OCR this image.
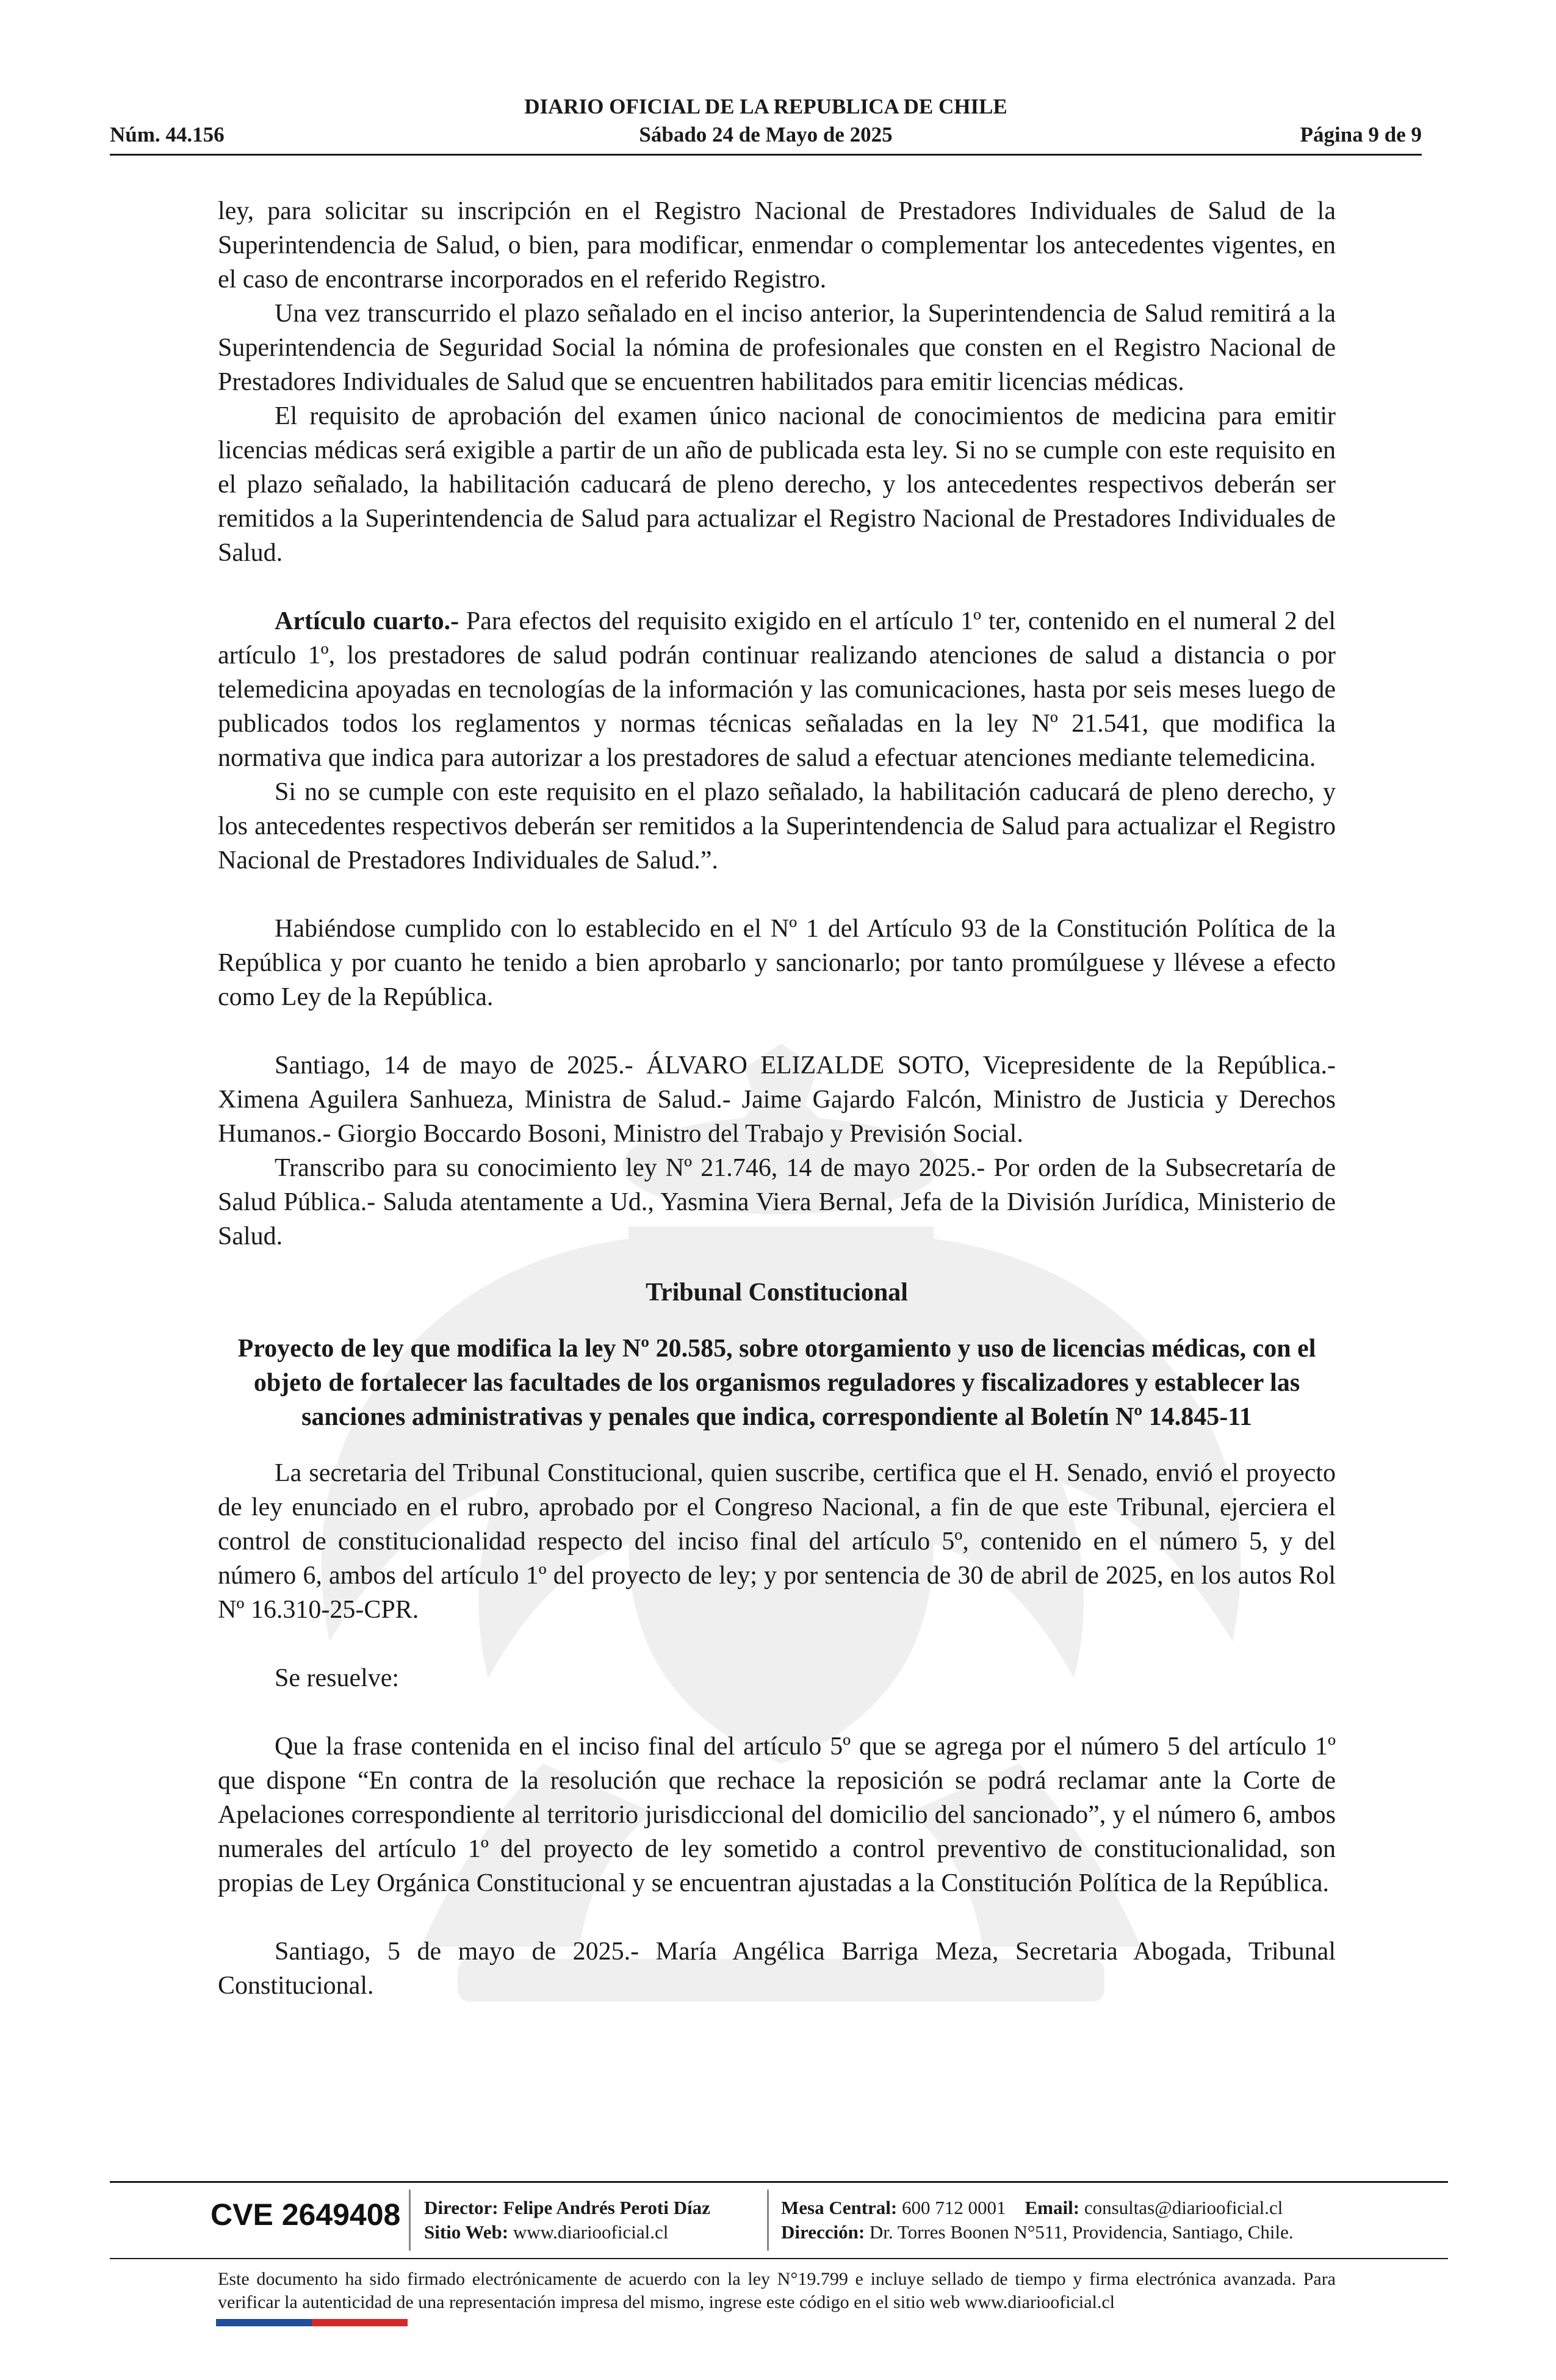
DIARIO OFICIAL DE LA REPUBLICA DE CHILE
Núm. 44.156	Sábado 24 de Mayo de 2025	Página 9 de 9

ley, para solicitar su inscripción en el Registro Nacional de Prestadores Individuales de Salud de la Superintendencia de Salud, o bien, para modificar, enmendar o complementar los antecedentes vigentes, en el caso de encontrarse incorporados en el referido Registro.

Una vez transcurrido el plazo señalado en el inciso anterior, la Superintendencia de Salud remitirá a la Superintendencia de Seguridad Social la nómina de profesionales que consten en el Registro Nacional de Prestadores Individuales de Salud que se encuentren habilitados para emitir licencias médicas.

El requisito de aprobación del examen único nacional de conocimientos de medicina para emitir licencias médicas será exigible a partir de un año de publicada esta ley. Si no se cumple con este requisito en el plazo señalado, la habilitación caducará de pleno derecho, y los antecedentes respectivos deberán ser remitidos a la Superintendencia de Salud para actualizar el Registro Nacional de Prestadores Individuales de Salud.

Artículo cuarto.- Para efectos del requisito exigido en el artículo 1º ter, contenido en el numeral 2 del artículo 1º, los prestadores de salud podrán continuar realizando atenciones de salud a distancia o por telemedicina apoyadas en tecnologías de la información y las comunicaciones, hasta por seis meses luego de publicados todos los reglamentos y normas técnicas señaladas en la ley Nº 21.541, que modifica la normativa que indica para autorizar a los prestadores de salud a efectuar atenciones mediante telemedicina.

Si no se cumple con este requisito en el plazo señalado, la habilitación caducará de pleno derecho, y los antecedentes respectivos deberán ser remitidos a la Superintendencia de Salud para actualizar el Registro Nacional de Prestadores Individuales de Salud.”.

Habiéndose cumplido con lo establecido en el Nº 1 del Artículo 93 de la Constitución Política de la República y por cuanto he tenido a bien aprobarlo y sancionarlo; por tanto promúlguese y llévese a efecto como Ley de la República.

Santiago, 14 de mayo de 2025.- ÁLVARO ELIZALDE SOTO, Vicepresidente de la República.- Ximena Aguilera Sanhueza, Ministra de Salud.- Jaime Gajardo Falcón, Ministro de Justicia y Derechos Humanos.- Giorgio Boccardo Bosoni, Ministro del Trabajo y Previsión Social.

Transcribo para su conocimiento ley Nº 21.746, 14 de mayo 2025.- Por orden de la Subsecretaría de Salud Pública.- Saluda atentamente a Ud., Yasmina Viera Bernal, Jefa de la División Jurídica, Ministerio de Salud.

Tribunal Constitucional

Proyecto de ley que modifica la ley Nº 20.585, sobre otorgamiento y uso de licencias médicas, con el objeto de fortalecer las facultades de los organismos reguladores y fiscalizadores y establecer las sanciones administrativas y penales que indica, correspondiente al Boletín Nº 14.845-11

La secretaria del Tribunal Constitucional, quien suscribe, certifica que el H. Senado, envió el proyecto de ley enunciado en el rubro, aprobado por el Congreso Nacional, a fin de que este Tribunal, ejerciera el control de constitucionalidad respecto del inciso final del artículo 5º, contenido en el número 5, y del número 6, ambos del artículo 1º del proyecto de ley; y por sentencia de 30 de abril de 2025, en los autos Rol Nº 16.310-25-CPR.

Se resuelve:

Que la frase contenida en el inciso final del artículo 5º que se agrega por el número 5 del artículo 1º que dispone “En contra de la resolución que rechace la reposición se podrá reclamar ante la Corte de Apelaciones correspondiente al territorio jurisdiccional del domicilio del sancionado”, y el número 6, ambos numerales del artículo 1º del proyecto de ley sometido a control preventivo de constitucionalidad, son propias de Ley Orgánica Constitucional y se encuentran ajustadas a la Constitución Política de la República.

Santiago, 5 de mayo de 2025.- María Angélica Barriga Meza, Secretaria Abogada, Tribunal Constitucional.

CVE 2649408 Director: Felipe Andrés Peroti Díaz
Sitio Web: www.diariooficial.cl
Mesa Central: 600 712 0001 Email: consultas@diariooficial.cl
Dirección: Dr. Torres Boonen N°511, Providencia, Santiago, Chile.
Este documento ha sido firmado electrónicamente de acuerdo con la ley N°19.799 e incluye sellado de tiempo y firma electrónica avanzada. Para verificar la autenticidad de una representación impresa del mismo, ingrese este código en el sitio web www.diariooficial.cl
